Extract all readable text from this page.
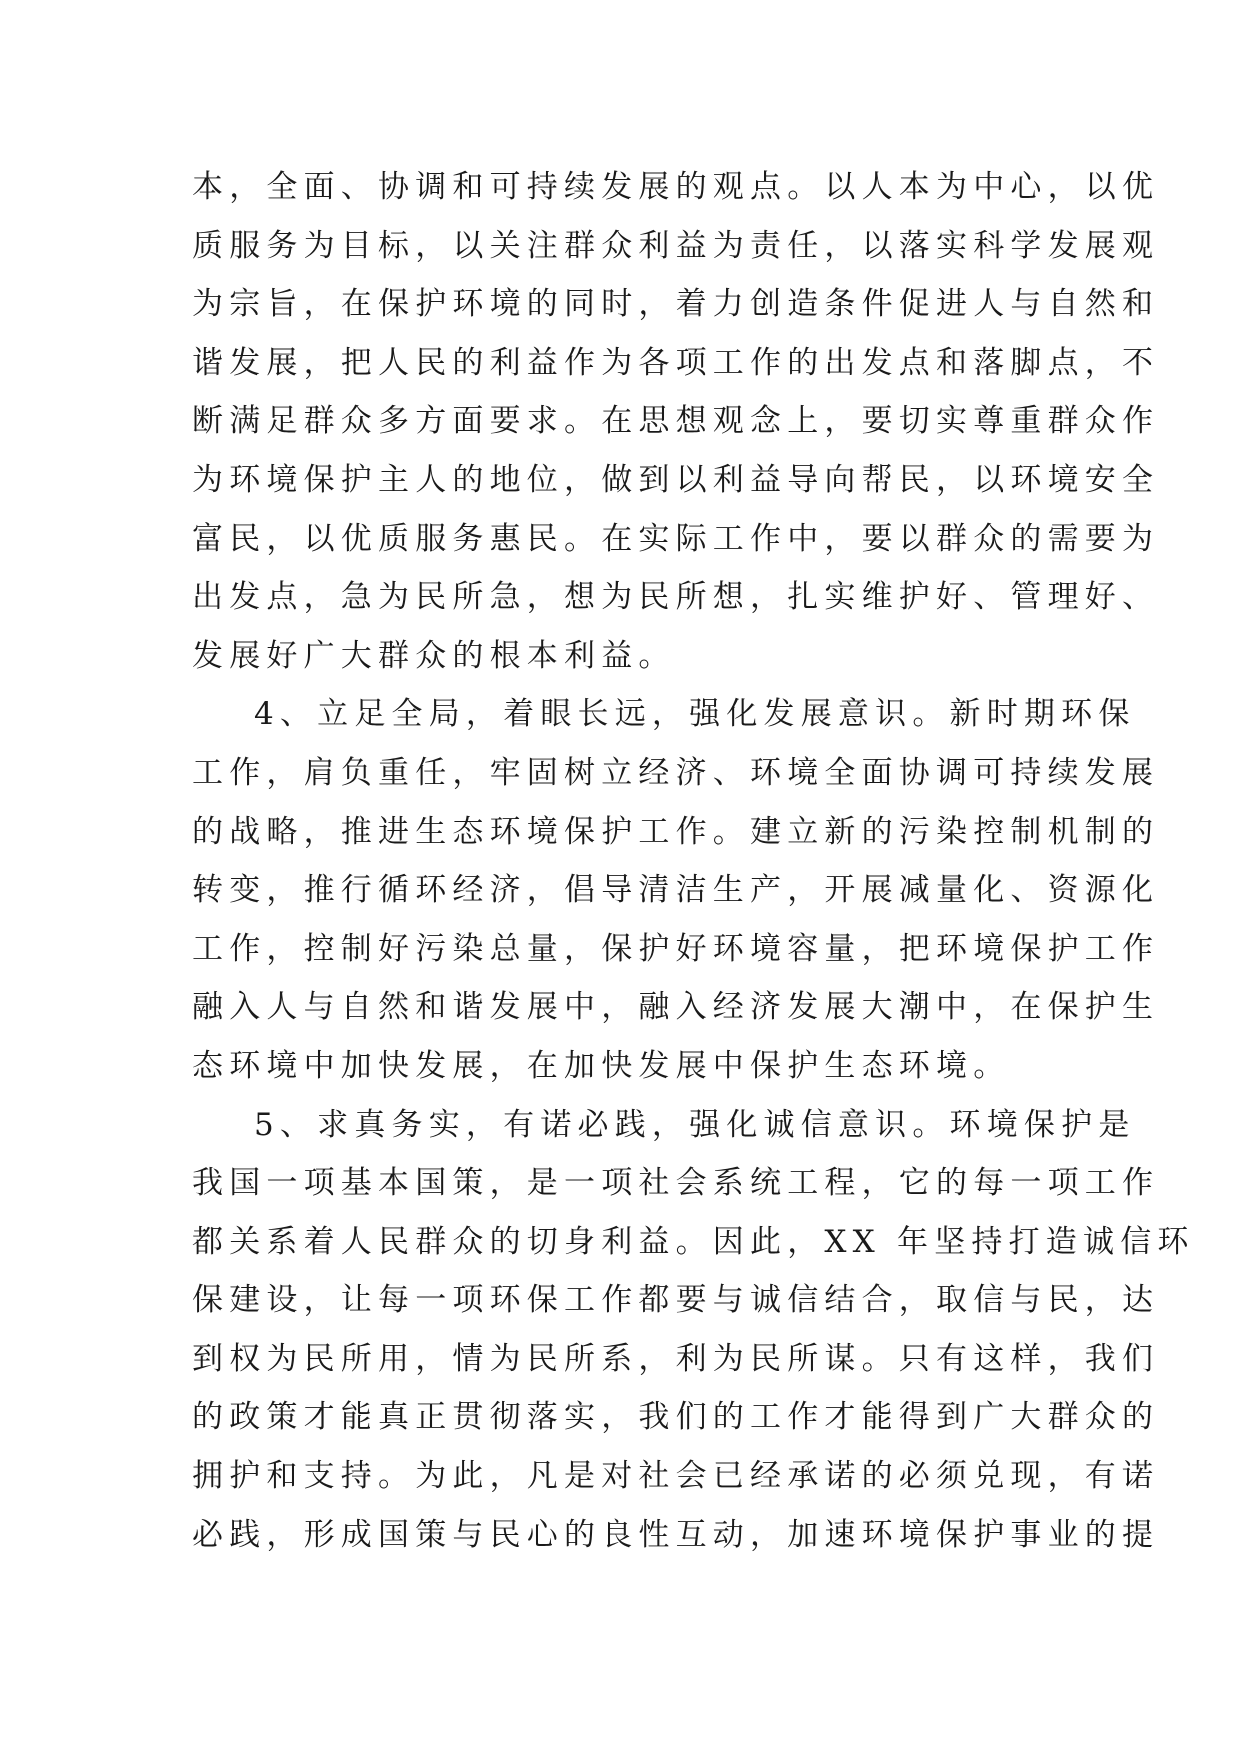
本，全面、协调和可持续发展的观点。以人本为中心，以优
质服务为目标，以关注群众利益为责任，以落实科学发展观
为宗旨，在保护环境的同时，着力创造条件促进人与自然和
谐发展，把人民的利益作为各项工作的出发点和落脚点，不
断满足群众多方面要求。在思想观念上，要切实尊重群众作
为环境保护主人的地位，做到以利益导向帮民，以环境安全
富民，以优质服务惠民。在实际工作中，要以群众的需要为
出发点，急为民所急，想为民所想，扎实维护好、管理好、
发展好广大群众的根本利益。
4、立足全局，着眼长远，强化发展意识。新时期环保
工作，肩负重任，牢固树立经济、环境全面协调可持续发展
的战略，推进生态环境保护工作。建立新的污染控制机制的
转变，推行循环经济，倡导清洁生产，开展减量化、资源化
工作，控制好污染总量，保护好环境容量，把环境保护工作
融入人与自然和谐发展中，融入经济发展大潮中，在保护生
态环境中加快发展，在加快发展中保护生态环境。
5、求真务实，有诺必践，强化诚信意识。环境保护是
我国一项基本国策，是一项社会系统工程，它的每一项工作
都关系着人民群众的切身利益。因此，XX 年坚持打造诚信环
保建设，让每一项环保工作都要与诚信结合，取信与民，达
到权为民所用，情为民所系，利为民所谋。只有这样，我们
的政策才能真正贯彻落实，我们的工作才能得到广大群众的
拥护和支持。为此，凡是对社会已经承诺的必须兑现，有诺
必践，形成国策与民心的良性互动，加速环境保护事业的提
